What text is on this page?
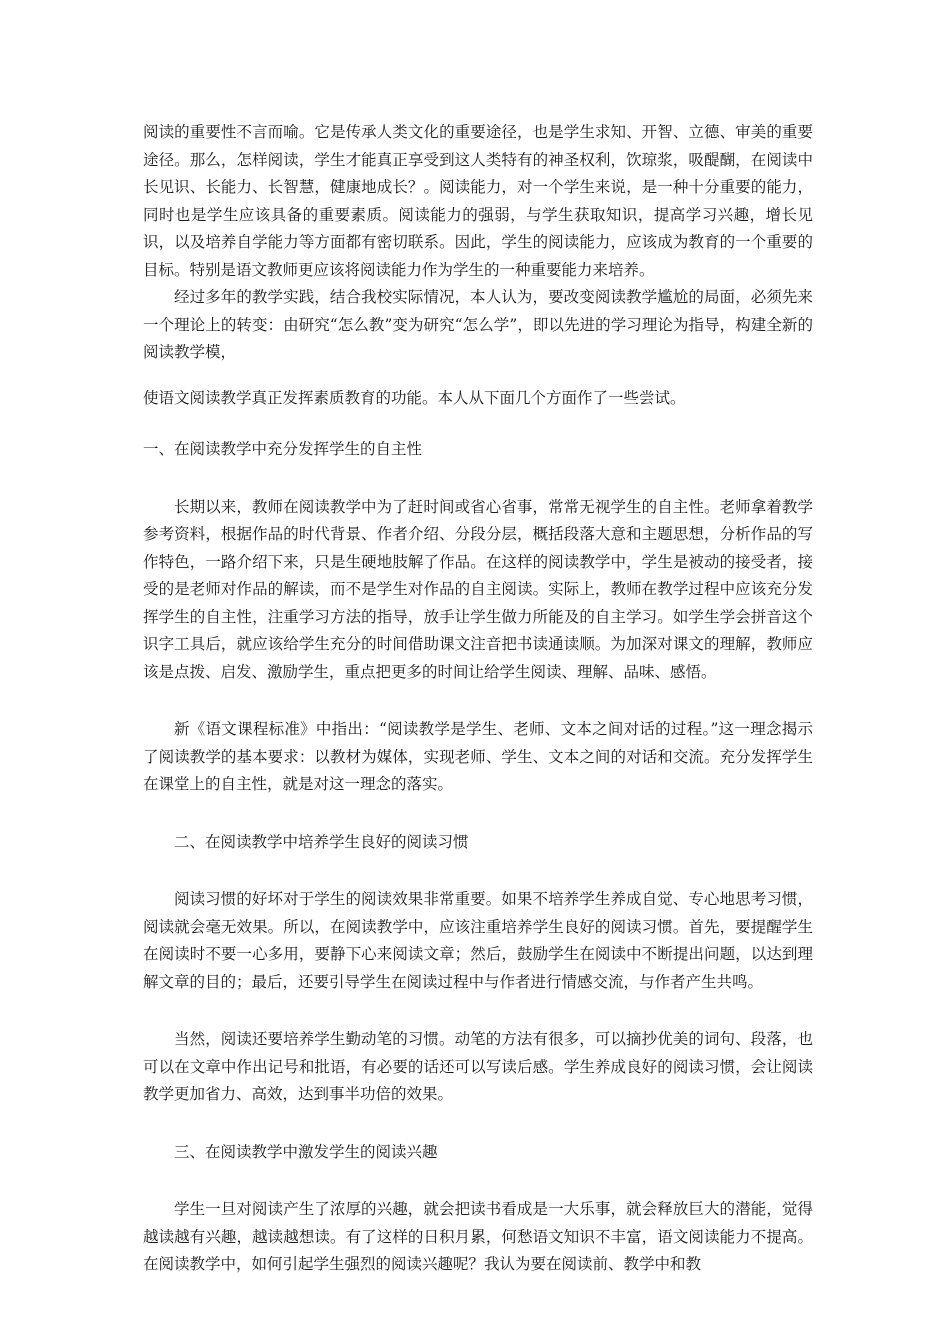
阅读的重要性不言而喻。它是传承人类文化的重要途径，也是学生求知、开智、立德、审美的重要途径。那么，怎样阅读，学生才能真正享受到这人类特有的神圣权利，饮琼浆，吸醍醐，在阅读中长见识、长能力、长智慧，健康地成长？。阅读能力，对一个学生来说，是一种十分重要的能力，同时也是学生应该具备的重要素质。阅读能力的强弱，与学生获取知识，提高学习兴趣，增长见识，以及培养自学能力等方面都有密切联系。因此，学生的阅读能力，应该成为教育的一个重要的目标。特别是语文教师更应该将阅读能力作为学生的一种重要能力来培养。

经过多年的教学实践，结合我校实际情况，本人认为，要改变阅读教学尴尬的局面，必须先来一个理论上的转变：由研究“怎么教”变为研究“怎么学”，即以先进的学习理论为指导，构建全新的阅读教学模，

使语文阅读教学真正发挥素质教育的功能。本人从下面几个方面作了一些尝试。

一、在阅读教学中充分发挥学生的自主性

长期以来，教师在阅读教学中为了赶时间或省心省事，常常无视学生的自主性。老师拿着教学参考资料，根据作品的时代背景、作者介绍、分段分层，概括段落大意和主题思想，分析作品的写作特色，一路介绍下来，只是生硬地肢解了作品。在这样的阅读教学中，学生是被动的接受者，接受的是老师对作品的解读，而不是学生对作品的自主阅读。实际上，教师在教学过程中应该充分发挥学生的自主性，注重学习方法的指导，放手让学生做力所能及的自主学习。如学生学会拼音这个识字工具后，就应该给学生充分的时间借助课文注音把书读通读顺。为加深对课文的理解，教师应该是点拨、启发、激励学生，重点把更多的时间让给学生阅读、理解、品味、感悟。

新《语文课程标准》中指出：“阅读教学是学生、老师、文本之间对话的过程。”这一理念揭示了阅读教学的基本要求：以教材为媒体，实现老师、学生、文本之间的对话和交流。充分发挥学生在课堂上的自主性，就是对这一理念的落实。

二、在阅读教学中培养学生良好的阅读习惯

阅读习惯的好坏对于学生的阅读效果非常重要。如果不培养学生养成自觉、专心地思考习惯，阅读就会毫无效果。所以，在阅读教学中，应该注重培养学生良好的阅读习惯。首先，要提醒学生在阅读时不要一心多用，要静下心来阅读文章；然后，鼓励学生在阅读中不断提出问题，以达到理解文章的目的；最后，还要引导学生在阅读过程中与作者进行情感交流，与作者产生共鸣。

当然，阅读还要培养学生勤动笔的习惯。动笔的方法有很多，可以摘抄优美的词句、段落，也可以在文章中作出记号和批语，有必要的话还可以写读后感。学生养成良好的阅读习惯，会让阅读教学更加省力、高效，达到事半功倍的效果。

三、在阅读教学中激发学生的阅读兴趣

学生一旦对阅读产生了浓厚的兴趣，就会把读书看成是一大乐事，就会释放巨大的潜能，觉得越读越有兴趣，越读越想读。有了这样的日积月累，何愁语文知识不丰富，语文阅读能力不提高。在阅读教学中，如何引起学生强烈的阅读兴趣呢？我认为要在阅读前、教学中和教
